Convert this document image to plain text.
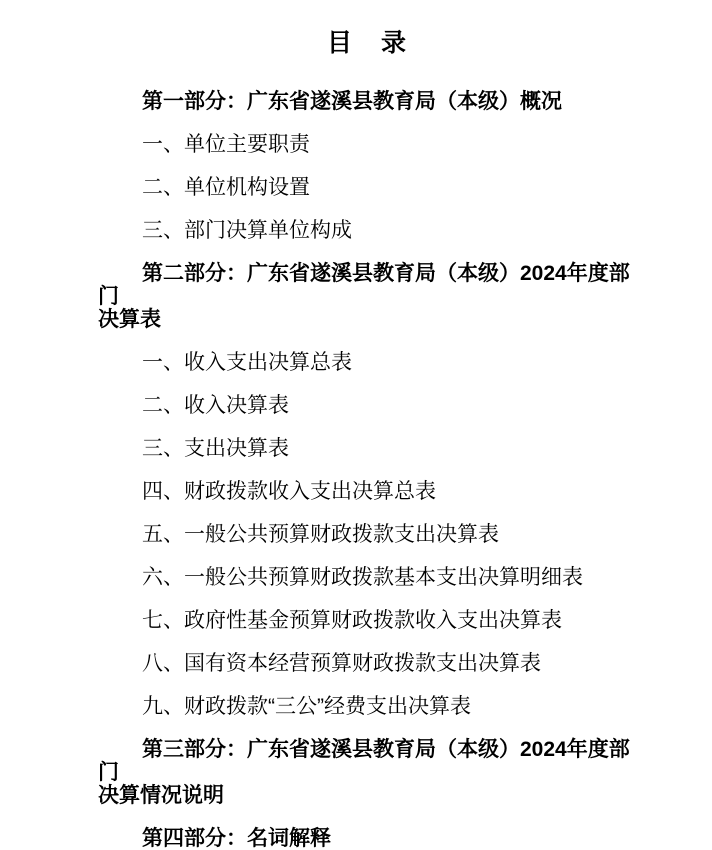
目　录

第一部分：广东省遂溪县教育局（本级）概况

一、单位主要职责

二、单位机构设置

三、部门决算单位构成

第二部分：广东省遂溪县教育局（本级）2024年度部门
决算表

一、收入支出决算总表

二、收入决算表

三、支出决算表

四、财政拨款收入支出决算总表

五、一般公共预算财政拨款支出决算表

六、一般公共预算财政拨款基本支出决算明细表

七、政府性基金预算财政拨款收入支出决算表

八、国有资本经营预算财政拨款支出决算表

九、财政拨款“三公”经费支出决算表

第三部分：广东省遂溪县教育局（本级）2024年度部门
决算情况说明

第四部分：名词解释
